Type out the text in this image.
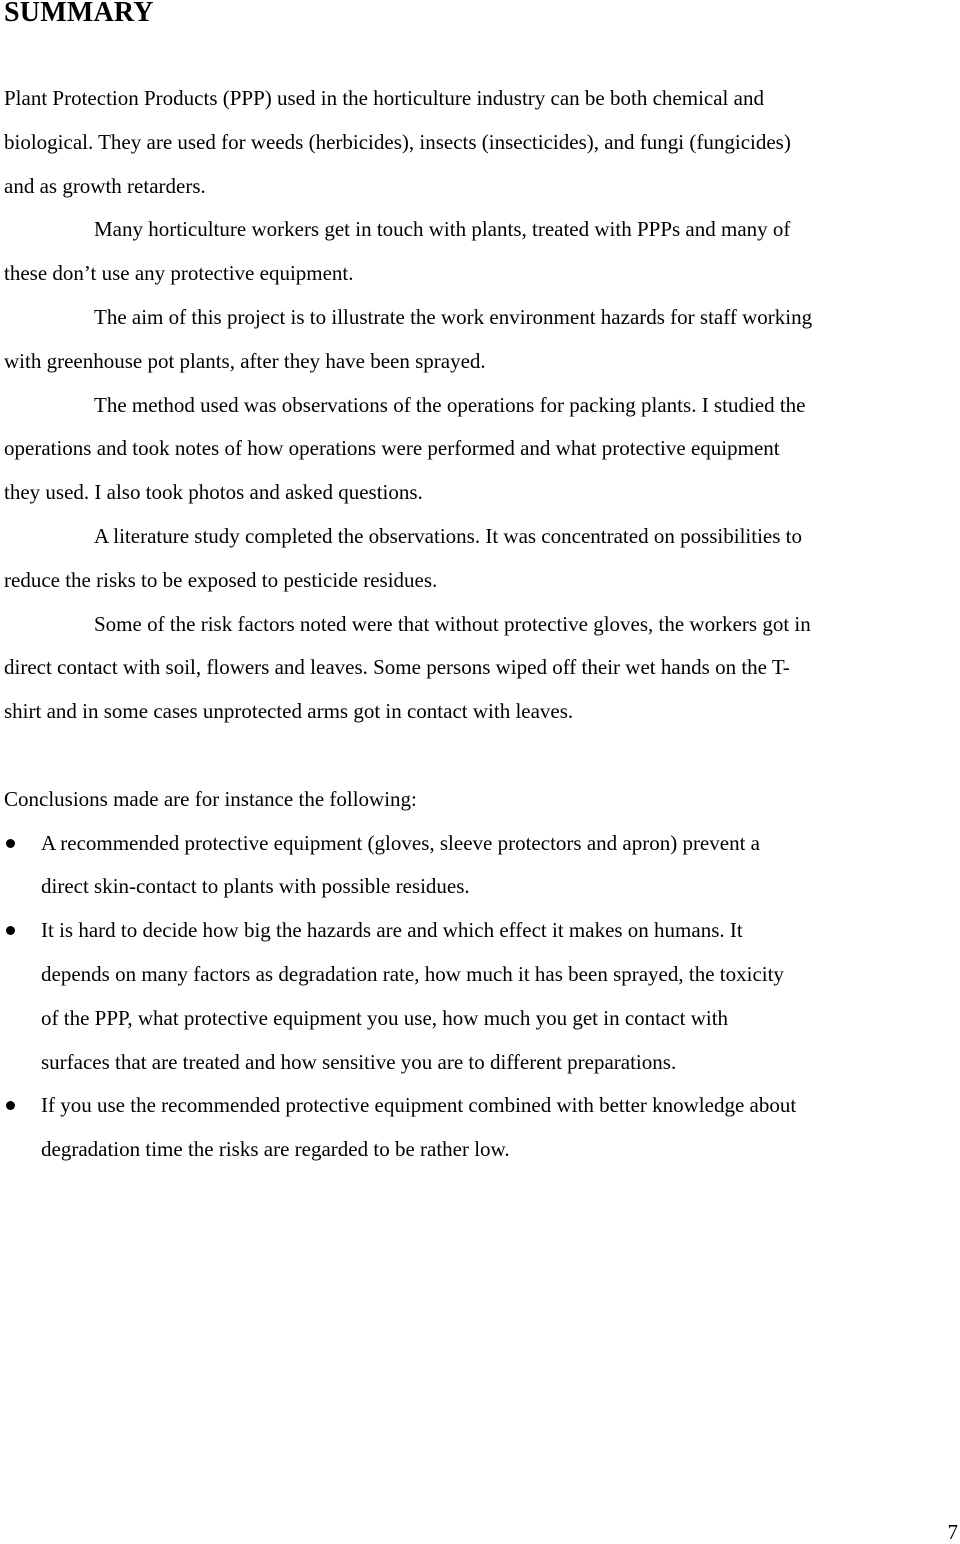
SUMMARY

Plant Protection Products (PPP) used in the horticulture industry can be both chemical and
biological. They are used for weeds (herbicides), insects (insecticides), and fungi (fungicides)
and as growth retarders.

Many horticulture workers get in touch with plants, treated with PPPs and many of
these don’t use any protective equipment.

The aim of this project is to illustrate the work environment hazards for staff working
with greenhouse pot plants, after they have been sprayed.

The method used was observations of the operations for packing plants. I studied the
operations and took notes of how operations were performed and what protective equipment
they used. I also took photos and asked questions.

A literature study completed the observations. It was concentrated on possibilities to
reduce the risks to be exposed to pesticide residues.

Some of the risk factors noted were that without protective gloves, the workers got in
direct contact with soil, flowers and leaves. Some persons wiped off their wet hands on the T-
shirt and in some cases unprotected arms got in contact with leaves.

Conclusions made are for instance the following:

A recommended protective equipment (gloves, sleeve protectors and apron) prevent a
direct skin-contact to plants with possible residues.
It is hard to decide how big the hazards are and which effect it makes on humans. It
depends on many factors as degradation rate, how much it has been sprayed, the toxicity
of the PPP, what protective equipment you use, how much you get in contact with
surfaces that are treated and how sensitive you are to different preparations.
If you use the recommended protective equipment combined with better knowledge about
degradation time the risks are regarded to be rather low.
7
